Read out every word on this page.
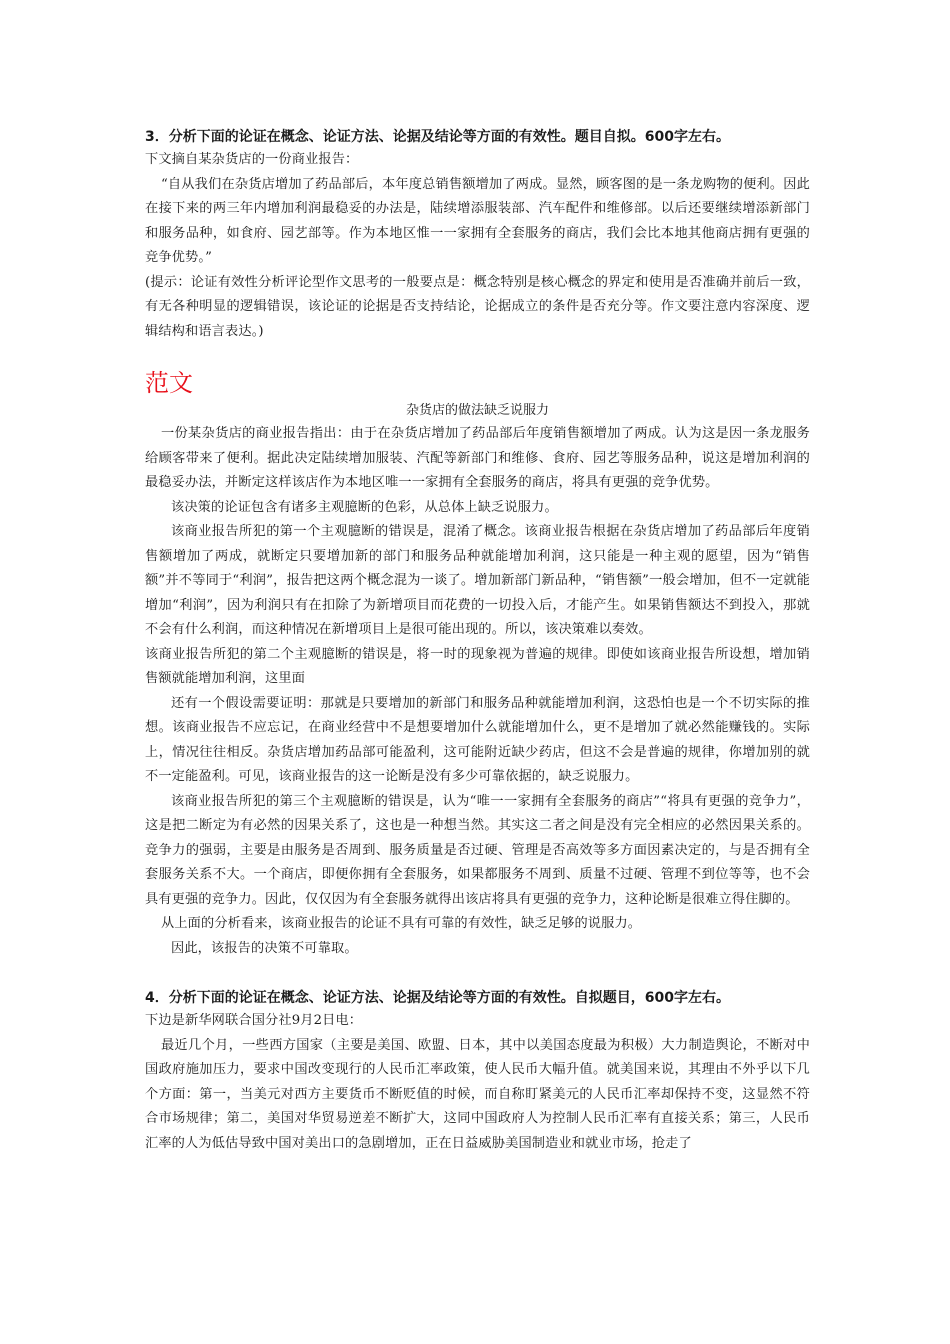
3．分析下面的论证在概念、论证方法、论据及结论等方面的有效性。题目自拟。600字左右。

下文摘自某杂货店的一份商业报告：

“自从我们在杂货店增加了药品部后，本年度总销售额增加了两成。显然，顾客图的是一条龙购物的便利。因此在接下来的两三年内增加利润最稳妥的办法是，陆续增添服装部、汽车配件和维修部。以后还要继续增添新部门和服务品种，如食府、园艺部等。作为本地区惟一一家拥有全套服务的商店，我们会比本地其他商店拥有更强的竞争优势。”

(提示：论证有效性分析评论型作文思考的一般要点是：概念特别是核心概念的界定和使用是否准确并前后一致，有无各种明显的逻辑错误，该论证的论据是否支持结论，论据成立的条件是否充分等。作文要注意内容深度、逻辑结构和语言表达。)

范文

杂货店的做法缺乏说服力

一份某杂货店的商业报告指出：由于在杂货店增加了药品部后年度销售额增加了两成。认为这是因一条龙服务给顾客带来了便利。据此决定陆续增加服装、汽配等新部门和维修、食府、园艺等服务品种，说这是增加利润的最稳妥办法，并断定这样该店作为本地区唯一一家拥有全套服务的商店，将具有更强的竞争优势。

该决策的论证包含有诸多主观臆断的色彩，从总体上缺乏说服力。

该商业报告所犯的第一个主观臆断的错误是，混淆了概念。该商业报告根据在杂货店增加了药品部后年度销售额增加了两成，就断定只要增加新的部门和服务品种就能增加利润，这只能是一种主观的愿望，因为“销售额”并不等同于“利润”，报告把这两个概念混为一谈了。增加新部门新品种，“销售额”一般会增加，但不一定就能增加“利润”，因为利润只有在扣除了为新增项目而花费的一切投入后，才能产生。如果销售额达不到投入，那就不会有什么利润，而这种情况在新增项目上是很可能出现的。所以，该决策难以奏效。

该商业报告所犯的第二个主观臆断的错误是，将一时的现象视为普遍的规律。即使如该商业报告所设想，增加销售额就能增加利润，这里面

还有一个假设需要证明：那就是只要增加的新部门和服务品种就能增加利润，这恐怕也是一个不切实际的推想。该商业报告不应忘记，在商业经营中不是想要增加什么就能增加什么，更不是增加了就必然能赚钱的。实际上，情况往往相反。杂货店增加药品部可能盈利，这可能附近缺少药店，但这不会是普遍的规律，你增加别的就不一定能盈利。可见，该商业报告的这一论断是没有多少可靠依据的，缺乏说服力。

该商业报告所犯的第三个主观臆断的错误是，认为“唯一一家拥有全套服务的商店”“将具有更强的竞争力”，这是把二断定为有必然的因果关系了，这也是一种想当然。其实这二者之间是没有完全相应的必然因果关系的。竞争力的强弱，主要是由服务是否周到、服务质量是否过硬、管理是否高效等多方面因素决定的，与是否拥有全套服务关系不大。一个商店，即便你拥有全套服务，如果都服务不周到、质量不过硬、管理不到位等等，也不会具有更强的竞争力。因此，仅仅因为有全套服务就得出该店将具有更强的竞争力，这种论断是很难立得住脚的。

从上面的分析看来，该商业报告的论证不具有可靠的有效性，缺乏足够的说服力。

因此，该报告的决策不可靠取。

4．分析下面的论证在概念、论证方法、论据及结论等方面的有效性。自拟题目，600字左右。

下边是新华网联合国分社9月2日电：

最近几个月，一些西方国家（主要是美国、欧盟、日本，其中以美国态度最为积极）大力制造舆论，不断对中国政府施加压力，要求中国改变现行的人民币汇率政策，使人民币大幅升值。就美国来说，其理由不外乎以下几个方面：第一，当美元对西方主要货币不断贬值的时候，而自称盯紧美元的人民币汇率却保持不变，这显然不符合市场规律；第二，美国对华贸易逆差不断扩大，这同中国政府人为控制人民币汇率有直接关系；第三，人民币汇率的人为低估导致中国对美出口的急剧增加，正在日益威胁美国制造业和就业市场，抢走了
